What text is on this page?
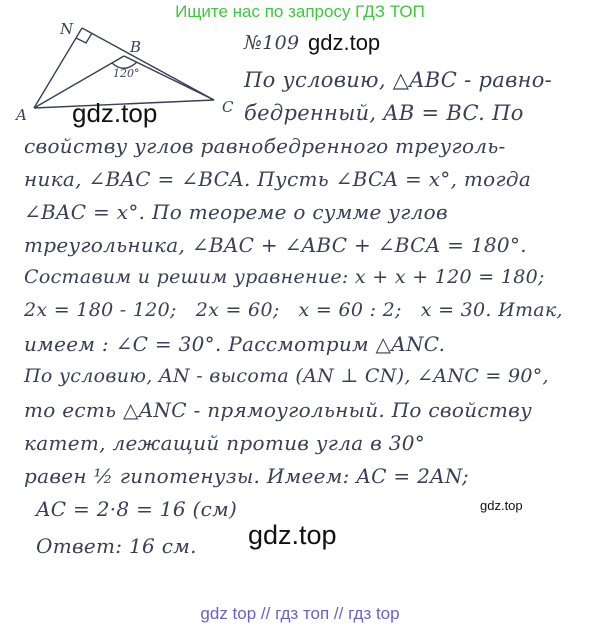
Ищите нас по запросу ГДЗ ТОП
N
B
A	C
120°
gdz.top
№109
gdz.top
По условию, △ABC - равно-
бедренный, AB = BC. По
свойству углов равнобедренного треуголь-
ника, ∠BAC = ∠BCA. Пусть ∠BCA = x°, тогда
∠BAC = x°. По теореме о сумме углов
треугольника, ∠BAC + ∠ABC + ∠BCA = 180°.
Составим и решим уравнение: x + x + 120 = 180;
2x = 180 - 120;   2x = 60;   x = 60 : 2;   x = 30. Итак,
имеем : ∠C = 30°. Рассмотрим △ANC.
По условию, AN - высота (AN ⊥ CN), ∠ANC = 90°,
то есть △ANC - прямоугольный. По свойству
катет, лежащий против угла в 30°
равен ½ гипотенузы. Имеем: AC = 2AN;
AC = 2·8 = 16 (см)
Ответ: 16 см.
gdz.top
gdz.top
gdz top // гдз топ // гдз top
